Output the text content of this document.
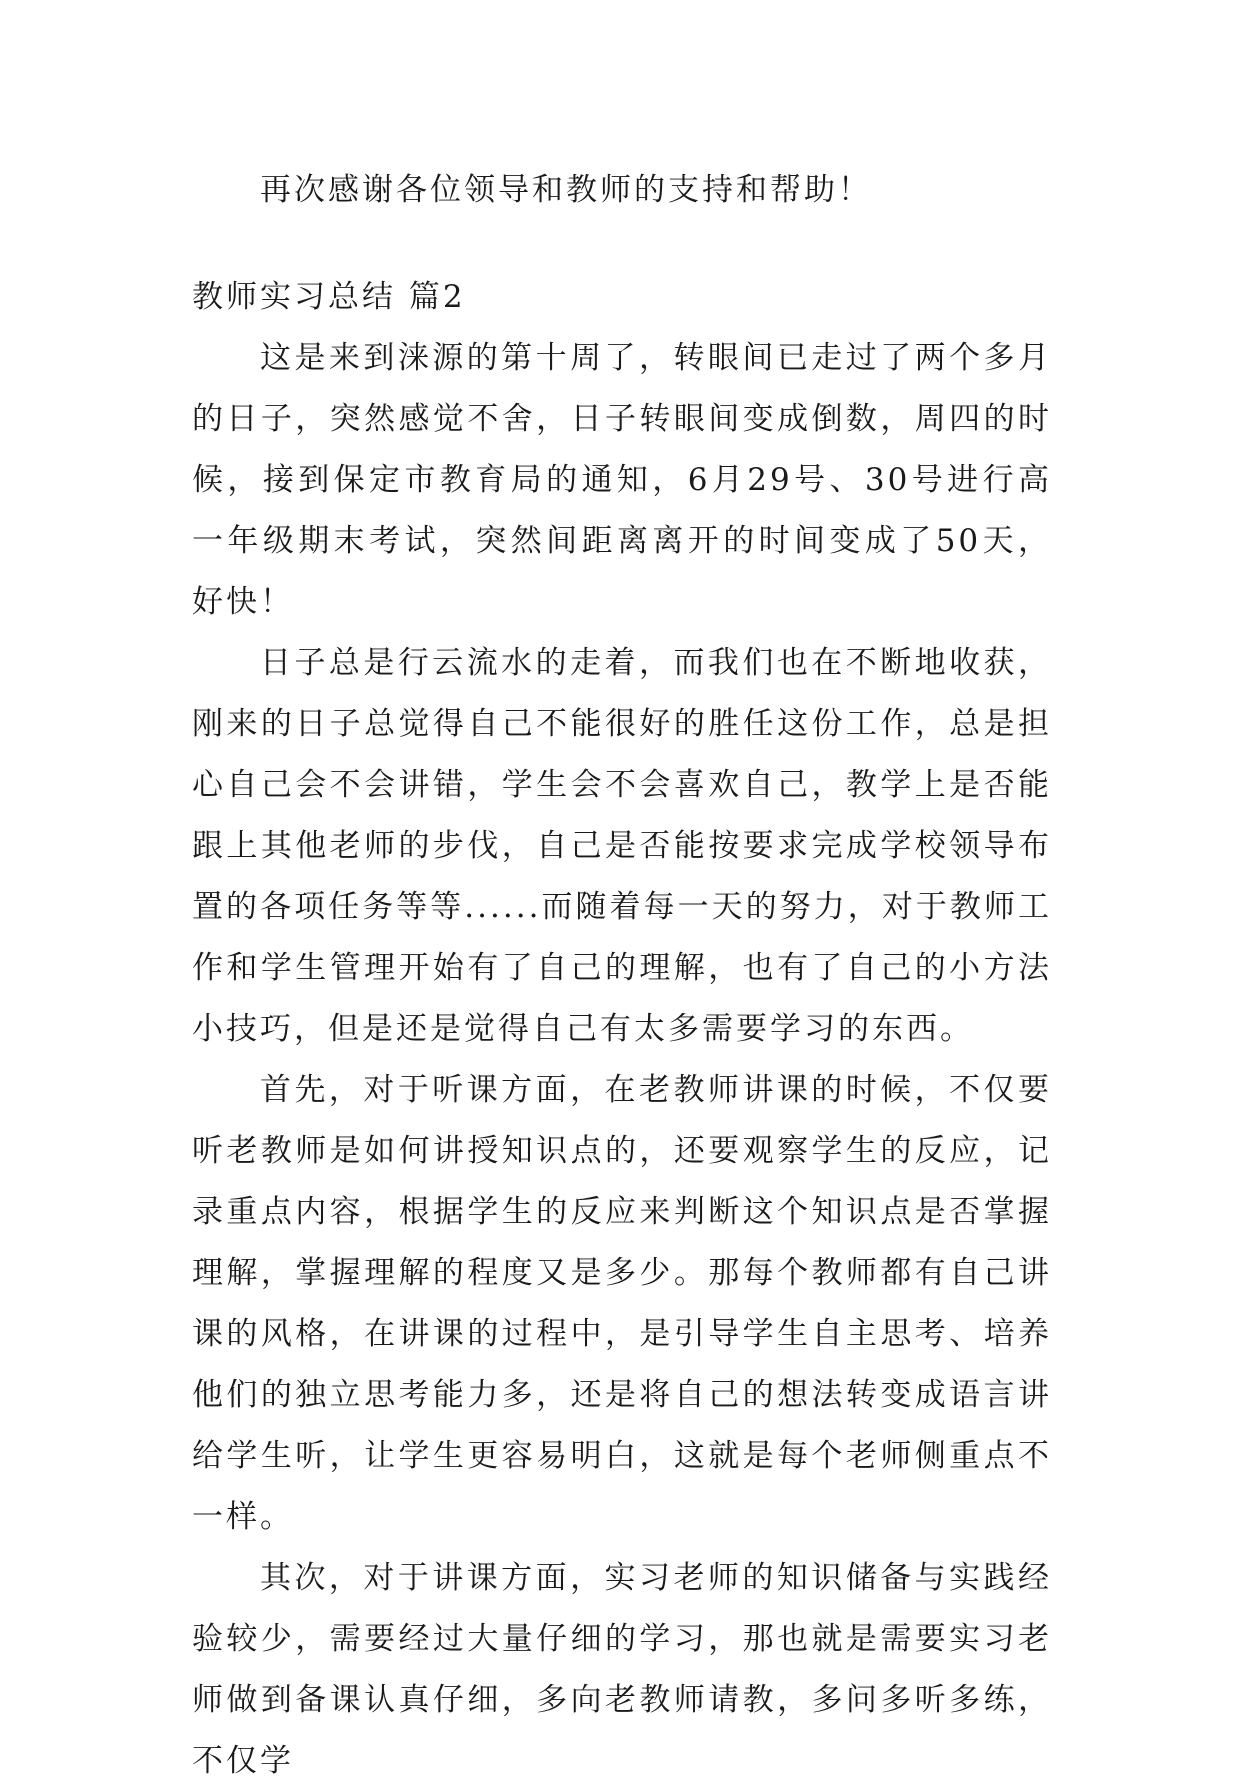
再次感谢各位领导和教师的支持和帮助！

教师实习总结 篇2

这是来到涞源的第十周了，转眼间已走过了两个多月的日子，突然感觉不舍，日子转眼间变成倒数，周四的时候，接到保定市教育局的通知，6月29号、30号进行高一年级期末考试，突然间距离离开的时间变成了50天，好快！

日子总是行云流水的走着，而我们也在不断地收获，刚来的日子总觉得自己不能很好的胜任这份工作，总是担心自己会不会讲错，学生会不会喜欢自己，教学上是否能跟上其他老师的步伐，自己是否能按要求完成学校领导布置的各项任务等等......而随着每一天的努力，对于教师工作和学生管理开始有了自己的理解，也有了自己的小方法小技巧，但是还是觉得自己有太多需要学习的东西。

首先，对于听课方面，在老教师讲课的时候，不仅要听老教师是如何讲授知识点的，还要观察学生的反应，记录重点内容，根据学生的反应来判断这个知识点是否掌握理解，掌握理解的程度又是多少。那每个教师都有自己讲课的风格，在讲课的过程中，是引导学生自主思考、培养他们的独立思考能力多，还是将自己的想法转变成语言讲给学生听，让学生更容易明白，这就是每个老师侧重点不一样。

其次，对于讲课方面，实习老师的知识储备与实践经验较少，需要经过大量仔细的学习，那也就是需要实习老师做到备课认真仔细，多向老教师请教，多问多听多练，不仅学
